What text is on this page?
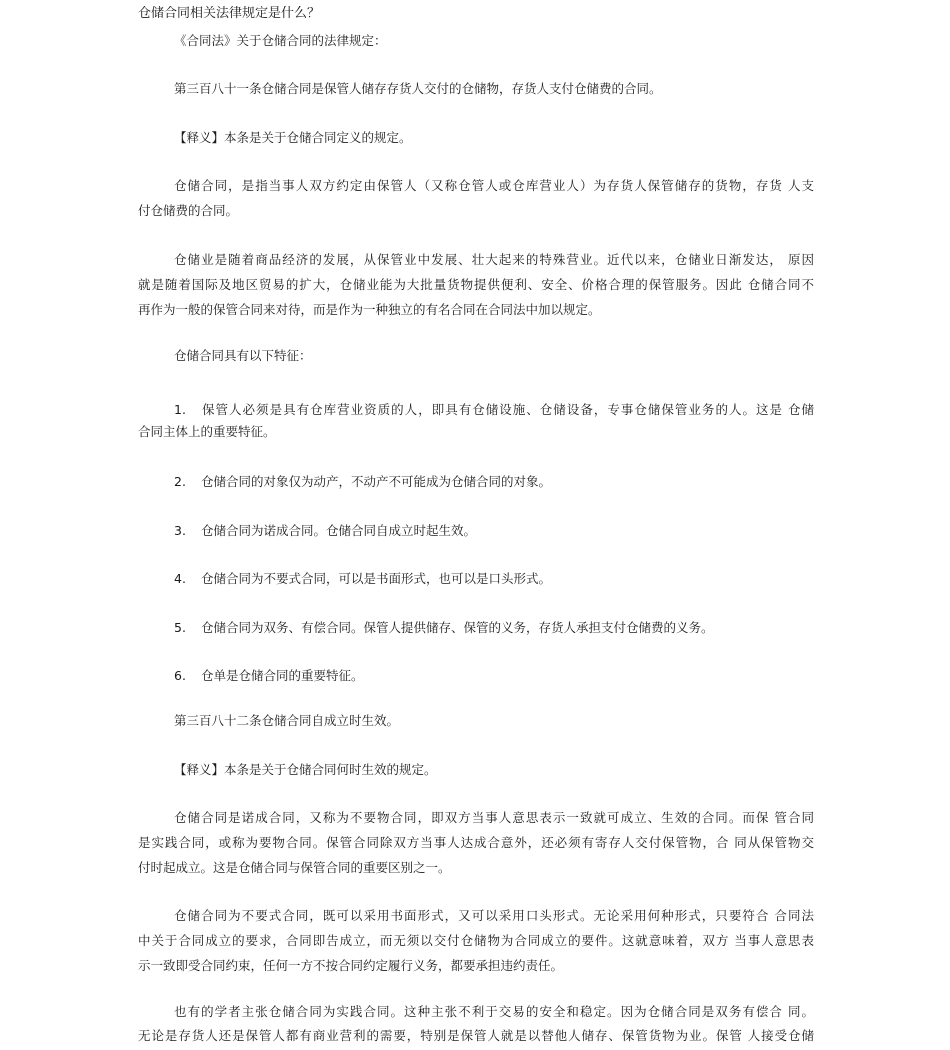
仓储合同相关法律规定是什么？
《合同法》关于仓储合同的法律规定：
第三百八十一条仓储合同是保管人储存存货人交付的仓储物，存货人支付仓储费的合同。
【释义】本条是关于仓储合同定义的规定。
仓储合同，是指当事人双方约定由保管人（又称仓管人或仓库营业人）为存货人保管储存的货物，存货 人支
付仓储费的合同。
仓储业是随着商品经济的发展，从保管业中发展、壮大起来的特殊营业。近代以来，仓储业日渐发达， 原因
就是随着国际及地区贸易的扩大，仓储业能为大批量货物提供便利、安全、价格合理的保管服务。因此 仓储合同不
再作为一般的保管合同来对待，而是作为一种独立的有名合同在合同法中加以规定。
仓储合同具有以下特征：
1. 保管人必须是具有仓库营业资质的人，即具有仓储设施、仓储设备，专事仓储保管业务的人。这是 仓储
合同主体上的重要特征。
2. 仓储合同的对象仅为动产，不动产不可能成为仓储合同的对象。
3. 仓储合同为诺成合同。仓储合同自成立时起生效。
4. 仓储合同为不要式合同，可以是书面形式，也可以是口头形式。
5. 仓储合同为双务、有偿合同。保管人提供储存、保管的义务，存货人承担支付仓储费的义务。
6. 仓单是仓储合同的重要特征。
第三百八十二条仓储合同自成立时生效。
【释义】本条是关于仓储合同何时生效的规定。
仓储合同是诺成合同，又称为不要物合同，即双方当事人意思表示一致就可成立、生效的合同。而保 管合同
是实践合同，或称为要物合同。保管合同除双方当事人达成合意外，还必须有寄存人交付保管物，合 同从保管物交
付时起成立。这是仓储合同与保管合同的重要区别之一。
仓储合同为不要式合同，既可以采用书面形式，又可以采用口头形式。无论采用何种形式，只要符合 合同法
中关于合同成立的要求，合同即告成立，而无须以交付仓储物为合同成立的要件。这就意味着，双方 当事人意思表
示一致即受合同约束，任何一方不按合同约定履行义务，都要承担违约责任。
也有的学者主张仓储合同为实践合同。这种主张不利于交易的安全和稳定。因为仓储合同是双务有偿合 同。
无论是存货人还是保管人都有商业营利的需要，特别是保管人就是以替他人储存、保管货物为业。保管 人接受仓储
